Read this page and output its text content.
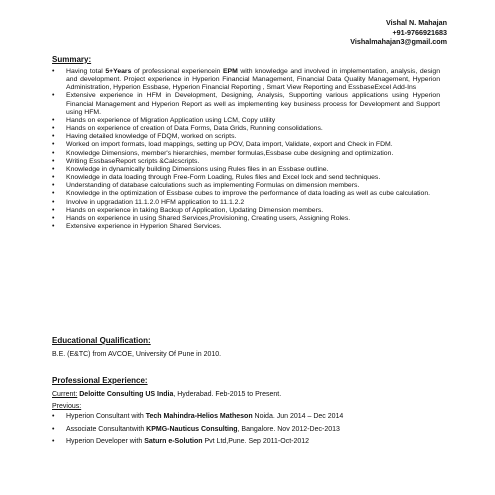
Vishal N. Mahajan
+91-9766921683
Vishalmahajan3@gmail.com
Summary:
• Having total 5+Years of professional experiencein EPM with knowledge and involved in implementation, analysis, design and development. Project experience in Hyperion Financial Management, Financial Data Quality Management, Hyperion Administration, Hyperion Essbase, Hyperion Financial Reporting , Smart View Reporting and EssbaseExcel Add-Ins
• Extensive experience in HFM in Development, Designing, Analysis, Supporting various applications using Hyperion Financial Management and Hyperion Report as well as implementing key business process for Development and Support using HFM.
• Hands on experience of Migration Application using LCM, Copy utility
• Hands on experience of creation of Data Forms, Data Grids, Running consolidations.
• Having detailed knowledge of FDQM, worked on scripts.
• Worked on import formats, load mappings, setting up POV, Data import, Validate, export and Check in FDM.
• Knowledge Dimensions, member's hierarchies, member formulas,Essbase cube designing and optimization.
• Writing EssbaseReport scripts &Calcscripts.
• Knowledge in dynamically building Dimensions using Rules files in an Essbase outline.
• Knowledge in data loading through Free-Form Loading, Rules files and Excel lock and send techniques.
• Understanding of database calculations such as implementing Formulas on dimension members.
• Knowledge in the optimization of Essbase cubes to improve the performance of data loading as well as cube calculation.
• Involve in upgradation 11.1.2.0 HFM application to 11.1.2.2
• Hands on experience in taking Backup of Application, Updating Dimension members.
• Hands on experience in using Shared Services,Provisioning, Creating users, Assigning Roles.
• Extensive experience in Hyperion Shared Services.
Educational Qualification:
B.E. (E&TC) from AVCOE, University Of Pune in 2010.
Professional Experience:
Current: Deloitte Consulting US India, Hyderabad. Feb-2015 to Present.
Previous:
• Hyperion Consultant with Tech Mahindra-Helios Matheson Noida. Jun 2014 – Dec 2014
• Associate Consultantwith KPMG-Nauticus Consulting, Bangalore. Nov 2012-Dec-2013
• Hyperion Developer with Saturn e-Solution Pvt Ltd,Pune. Sep 2011-Oct-2012
